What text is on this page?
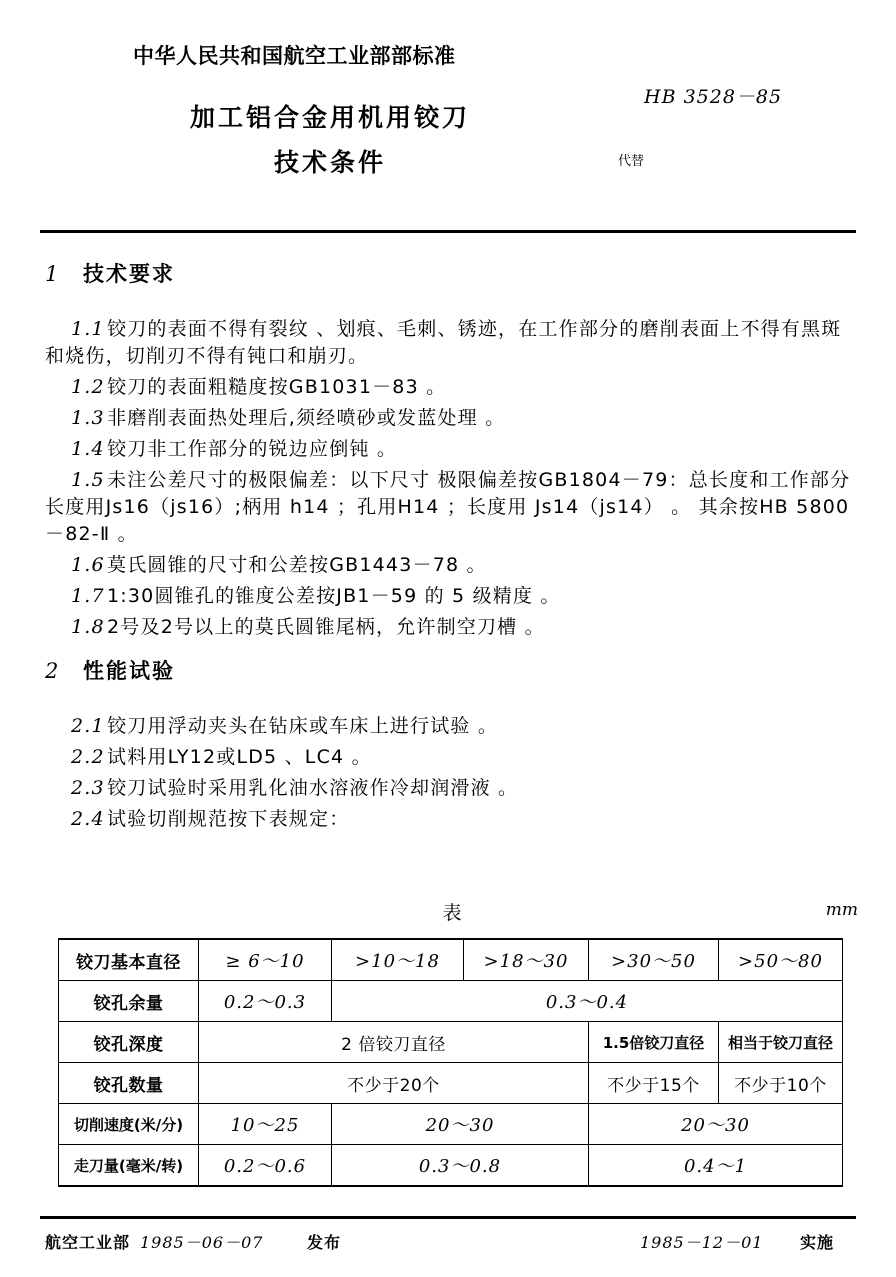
中华人民共和国航空工业部部标准
加工铝合金用机用铰刀
技术条件
HB 3528－85
代替
1 技术要求

1.1 铰刀的表面不得有裂纹 、划痕、毛刺、锈迹，在工作部分的磨削表面上不得有黑斑和烧伤，切削刃不得有钝口和崩刃。

1.2 铰刀的表面粗糙度按GB1031－83 。

1.3 非磨削表面热处理后,须经喷砂或发蓝处理 。

1.4 铰刀非工作部分的锐边应倒钝 。

1.5 未注公差尺寸的极限偏差：以下尺寸 极限偏差按GB1804－79：总长度和工作部分长度用Js16（js16）;柄用 h14 ；孔用H14 ；长度用 Js14（js14） 。 其余按HB 5800－82-Ⅱ 。

1.6 莫氏圆锥的尺寸和公差按GB1443－78 。

1.7 1:30圆锥孔的锥度公差按JB1－59 的 5 级精度 。

1.8 2号及2号以上的莫氏圆锥尾柄，允许制空刀槽 。

2 性能试验

2.1 铰刀用浮动夹头在钻床或车床上进行试验 。

2.2 试料用LY12或LD5 、LC4 。

2.3 铰刀试验时采用乳化油水溶液作冷却润滑液 。

2.4 试验切削规范按下表规定：

表	mm
铰刀基本直径	≥ 6～10	>10～18	>18～30	>30～50	>50～80
铰孔余量	0.2～0.3	0.3～0.4			
铰孔深度	2 倍铰刀直径			1.5倍铰刀直径	相当于铰刀直径
铰孔数量	不少于20个			不少于15个	不少于10个
切削速度(米/分)	10～25	20～30		20～30	
走刀量(毫米/转)	0.2～0.6	0.3～0.8		0.4～1	
航空工业部 1985－06－07	发布	1985－12－01 实施
